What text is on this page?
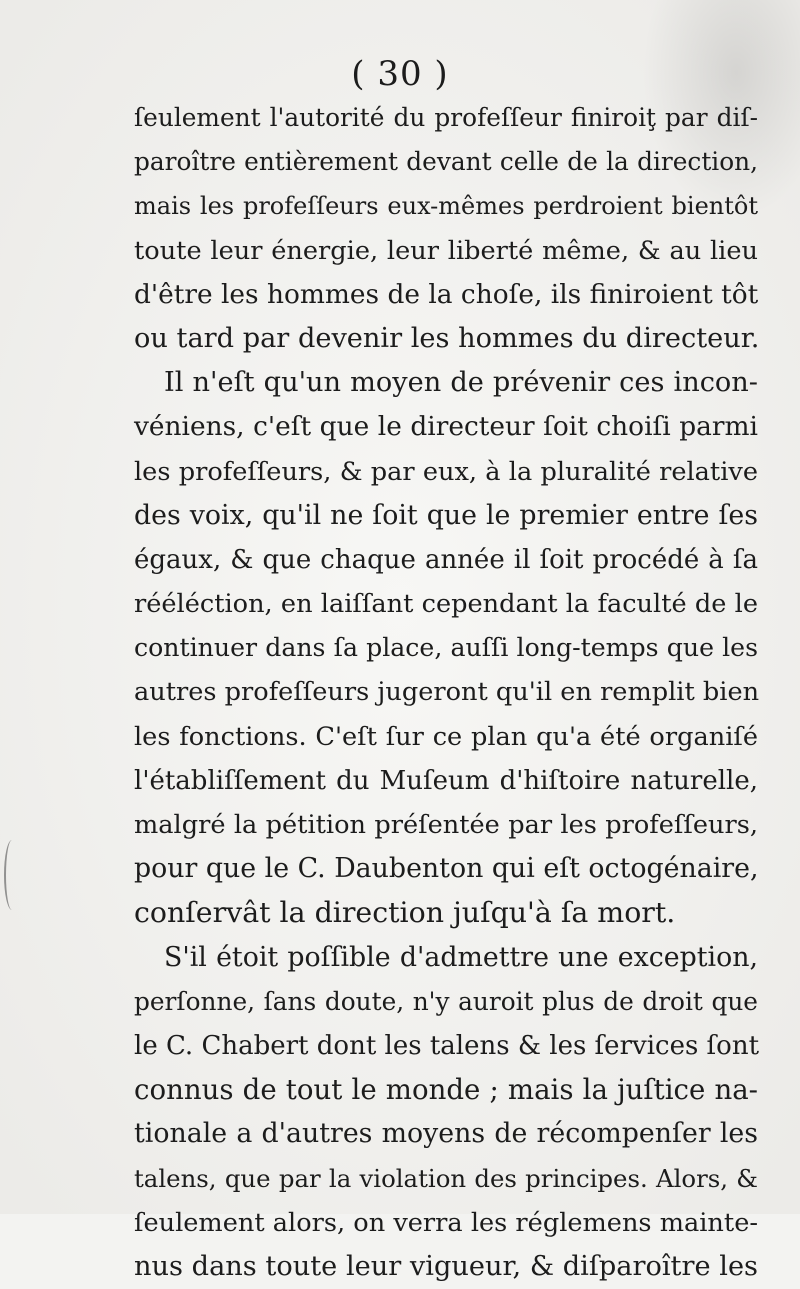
( 30 )
ſeulement l'autorité du profeſſeur finiroiţ par diſ-
paroître entièrement devant celle de la direction,
mais les profeſſeurs eux-mêmes perdroient bientôt
toute leur énergie, leur liberté même, & au lieu
d'être les hommes de la choſe, ils finiroient tôt
ou tard par devenir les hommes du directeur.
Il n'eſt qu'un moyen de prévenir ces incon-
véniens, c'eſt que le directeur ſoit choiſi parmi
les profeſſeurs, & par eux, à la pluralité relative
des voix, qu'il ne ſoit que le premier entre ſes
égaux, & que chaque année il ſoit procédé à ſa
rééléction, en laiſſant cependant la faculté de le
continuer dans ſa place, auſſi long-temps que les
autres profeſſeurs jugeront qu'il en remplit bien
les fonctions. C'eſt ſur ce plan qu'a été organiſé
l'établiſſement du Muſeum d'hiſtoire naturelle,
malgré la pétition préſentée par les profeſſeurs,
pour que le C. Daubenton qui eſt octogénaire,
conſervât la direction juſqu'à ſa mort.
S'il étoit poſſible d'admettre une exception,
perſonne, ſans doute, n'y auroit plus de droit que
le C. Chabert dont les talens & les ſervices ſont
connus de tout le monde ; mais la juſtice na-
tionale a d'autres moyens de récompenſer les
talens, que par la violation des principes. Alors, &
ſeulement alors, on verra les réglemens mainte-
nus dans toute leur vigueur, & diſparoître les
